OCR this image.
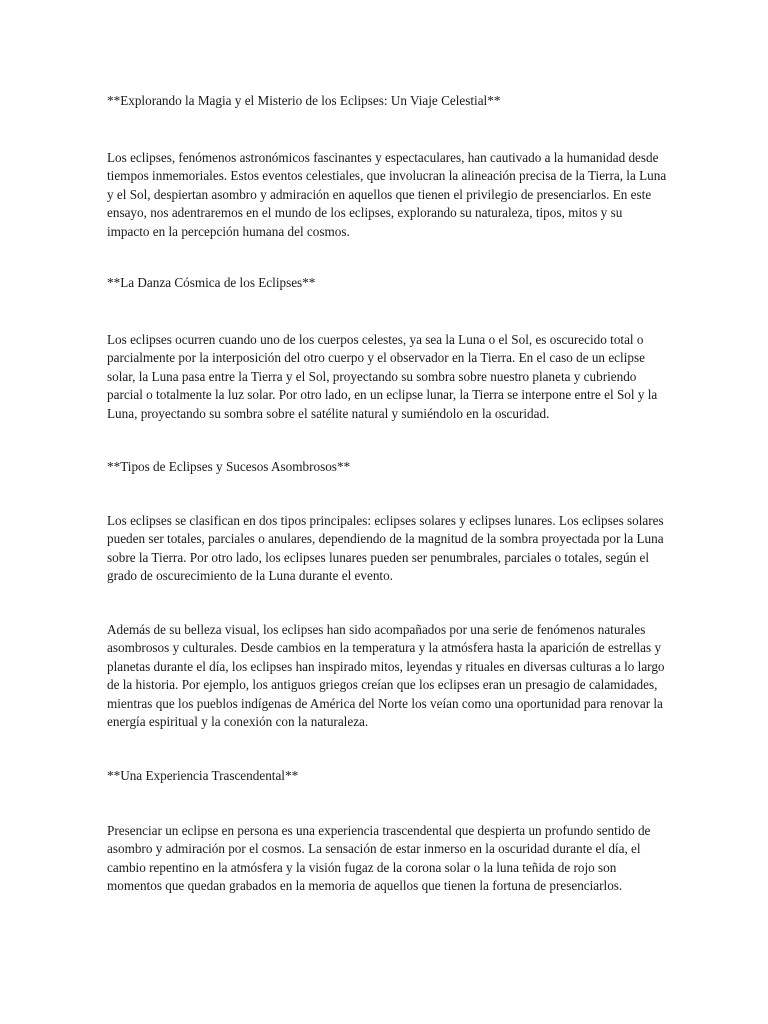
**Explorando la Magia y el Misterio de los Eclipses: Un Viaje Celestial**

Los eclipses, fenómenos astronómicos fascinantes y espectaculares, han cautivado a la humanidad desde tiempos inmemoriales. Estos eventos celestiales, que involucran la alineación precisa de la Tierra, la Luna y el Sol, despiertan asombro y admiración en aquellos que tienen el privilegio de presenciarlos. En este ensayo, nos adentraremos en el mundo de los eclipses, explorando su naturaleza, tipos, mitos y su impacto en la percepción humana del cosmos.

**La Danza Cósmica de los Eclipses**

Los eclipses ocurren cuando uno de los cuerpos celestes, ya sea la Luna o el Sol, es oscurecido total o parcialmente por la interposición del otro cuerpo y el observador en la Tierra. En el caso de un eclipse solar, la Luna pasa entre la Tierra y el Sol, proyectando su sombra sobre nuestro planeta y cubriendo parcial o totalmente la luz solar. Por otro lado, en un eclipse lunar, la Tierra se interpone entre el Sol y la Luna, proyectando su sombra sobre el satélite natural y sumiéndolo en la oscuridad.

**Tipos de Eclipses y Sucesos Asombrosos**

Los eclipses se clasifican en dos tipos principales: eclipses solares y eclipses lunares. Los eclipses solares pueden ser totales, parciales o anulares, dependiendo de la magnitud de la sombra proyectada por la Luna sobre la Tierra. Por otro lado, los eclipses lunares pueden ser penumbrales, parciales o totales, según el grado de oscurecimiento de la Luna durante el evento.

Además de su belleza visual, los eclipses han sido acompañados por una serie de fenómenos naturales asombrosos y culturales. Desde cambios en la temperatura y la atmósfera hasta la aparición de estrellas y planetas durante el día, los eclipses han inspirado mitos, leyendas y rituales en diversas culturas a lo largo de la historia. Por ejemplo, los antiguos griegos creían que los eclipses eran un presagio de calamidades, mientras que los pueblos indígenas de América del Norte los veían como una oportunidad para renovar la energía espiritual y la conexión con la naturaleza.

**Una Experiencia Trascendental**

Presenciar un eclipse en persona es una experiencia trascendental que despierta un profundo sentido de asombro y admiración por el cosmos. La sensación de estar inmerso en la oscuridad durante el día, el cambio repentino en la atmósfera y la visión fugaz de la corona solar o la luna teñida de rojo son momentos que quedan grabados en la memoria de aquellos que tienen la fortuna de presenciarlos.
